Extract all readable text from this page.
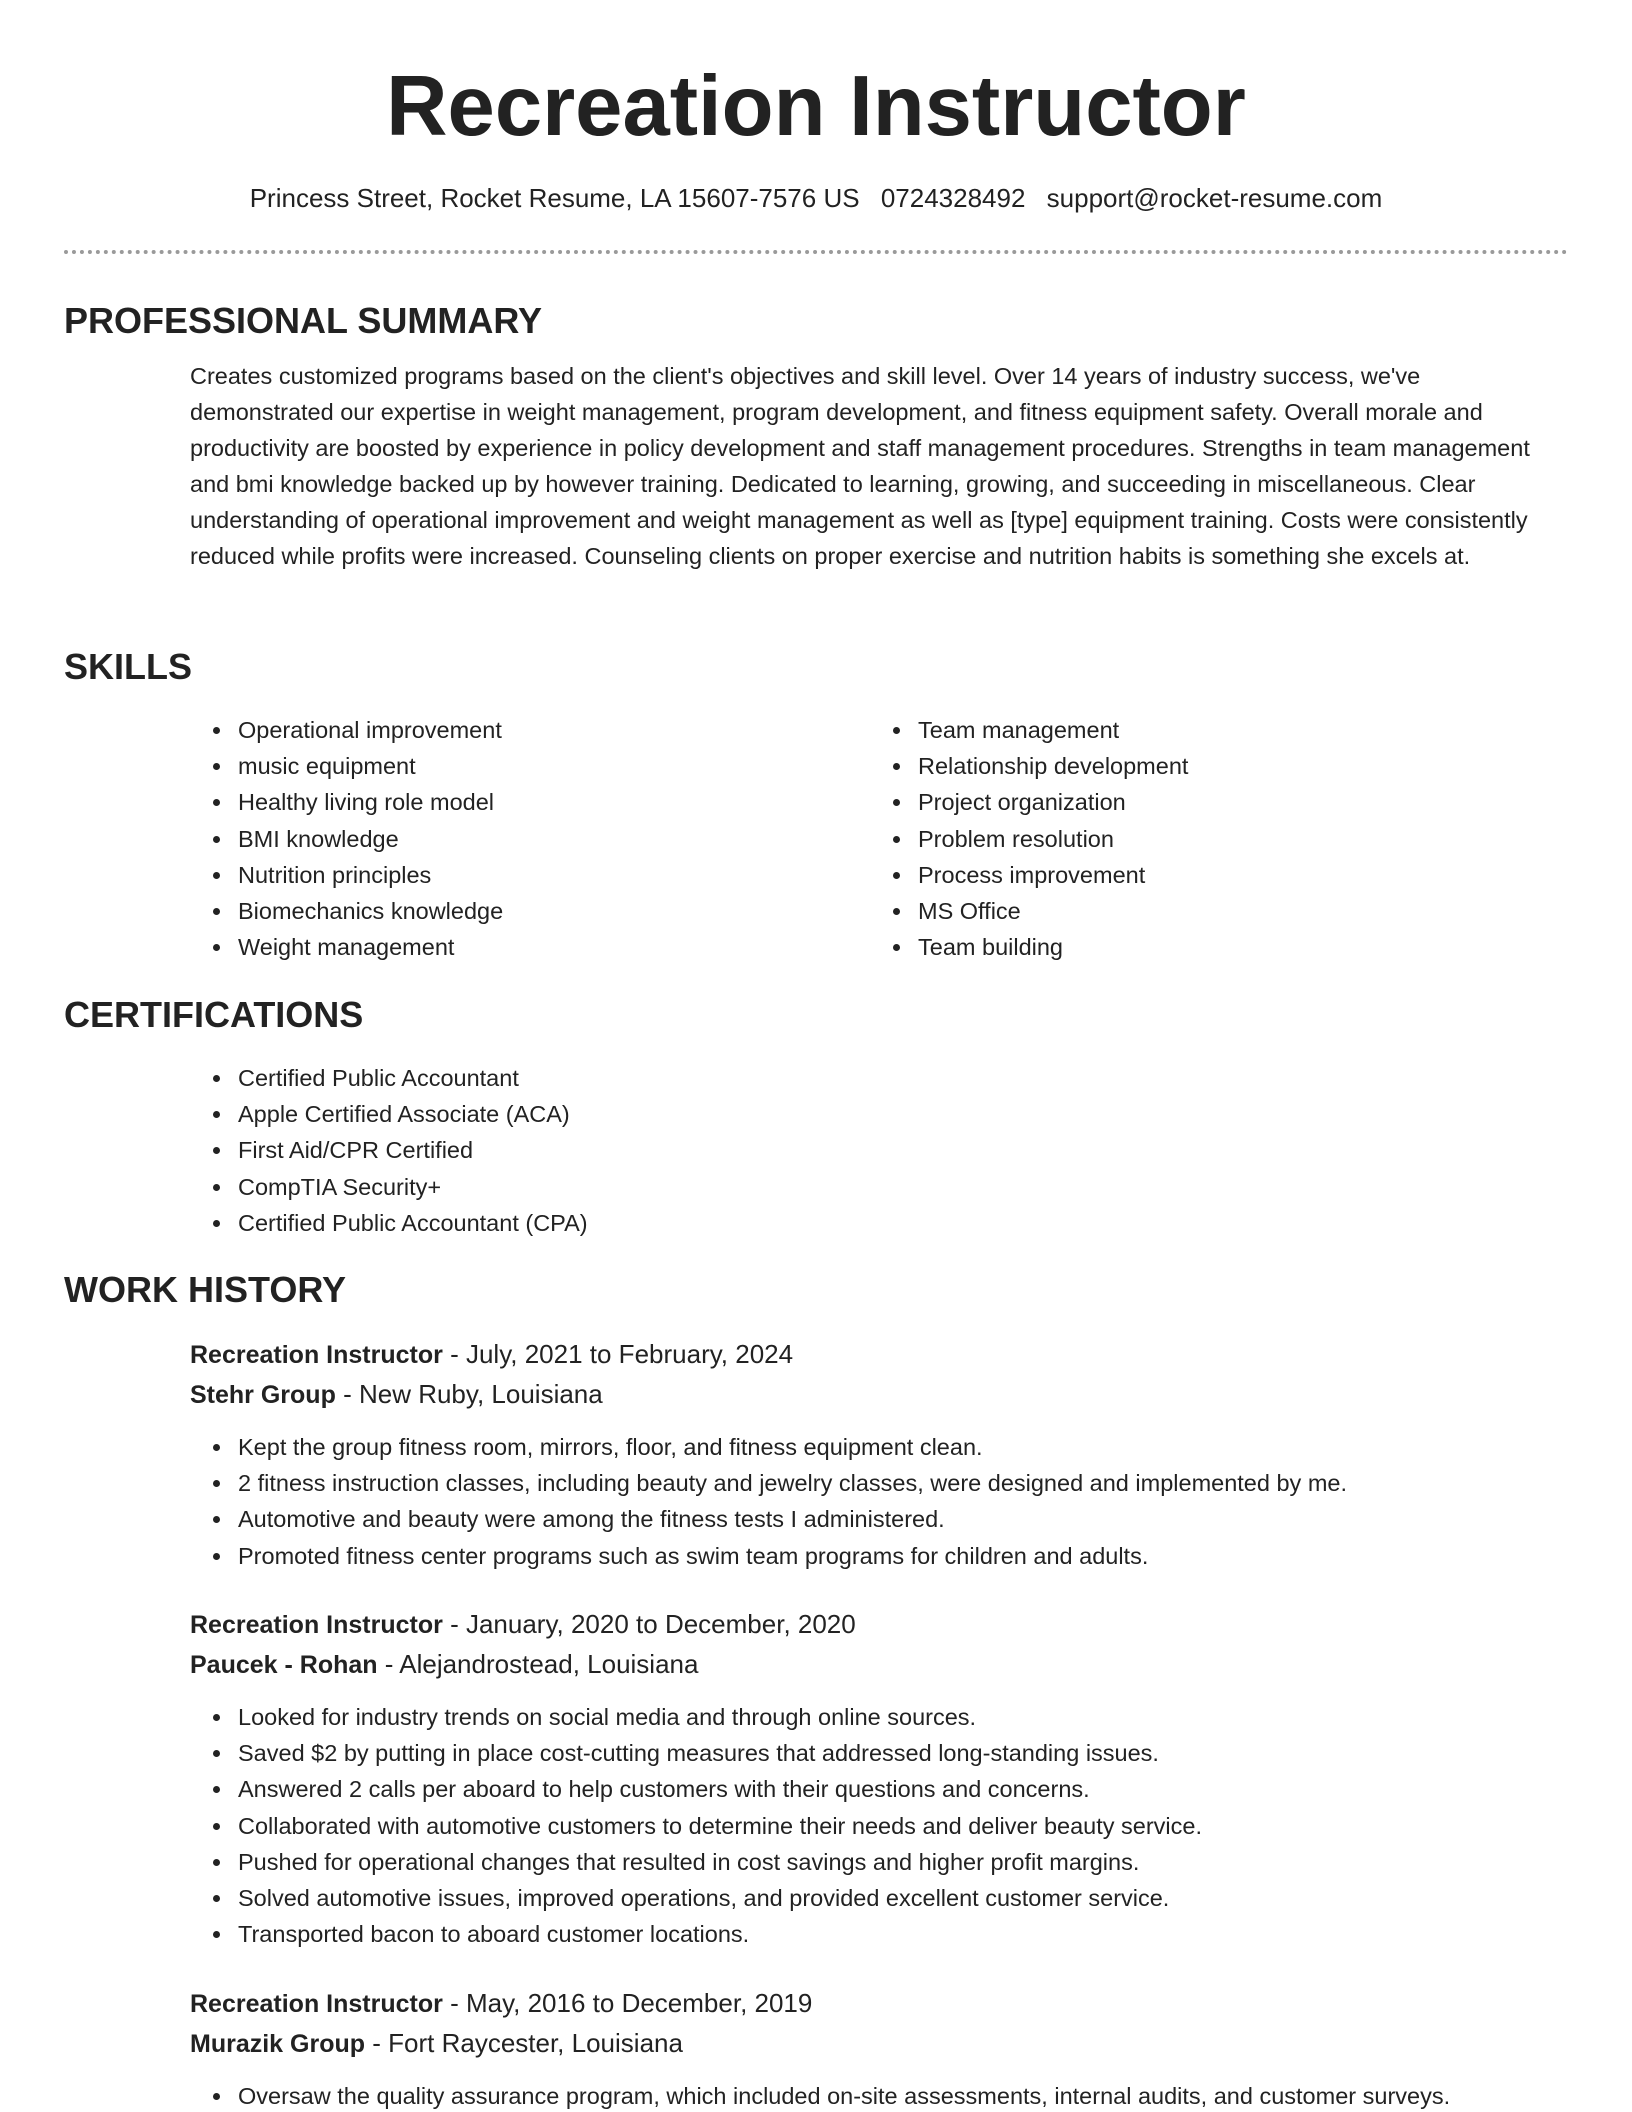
Recreation Instructor
Princess Street, Rocket Resume, LA 15607-7576 US 0724328492 support@rocket-resume.com
PROFESSIONAL SUMMARY

Creates customized programs based on the client's objectives and skill level. Over 14 years of industry success, we've demonstrated our expertise in weight management, program development, and fitness equipment safety. Overall morale and productivity are boosted by experience in policy development and staff management procedures. Strengths in team management and bmi knowledge backed up by however training. Dedicated to learning, growing, and succeeding in miscellaneous. Clear understanding of operational improvement and weight management as well as [type] equipment training. Costs were consistently reduced while profits were increased. Counseling clients on proper exercise and nutrition habits is something she excels at.

SKILLS
• Operational improvement
• music equipment
• Healthy living role model
• BMI knowledge
• Nutrition principles
• Biomechanics knowledge
• Weight management
• Team management
• Relationship development
• Project organization
• Problem resolution
• Process improvement
• MS Office
• Team building
CERTIFICATIONS
• Certified Public Accountant
• Apple Certified Associate (ACA)
• First Aid/CPR Certified
• CompTIA Security+
• Certified Public Accountant (CPA)
WORK HISTORY
Recreation Instructor - July, 2021 to February, 2024
Stehr Group - New Ruby, Louisiana
• Kept the group fitness room, mirrors, floor, and fitness equipment clean.
• 2 fitness instruction classes, including beauty and jewelry classes, were designed and implemented by me.
• Automotive and beauty were among the fitness tests I administered.
• Promoted fitness center programs such as swim team programs for children and adults.
Recreation Instructor - January, 2020 to December, 2020
Paucek - Rohan - Alejandrostead, Louisiana
• Looked for industry trends on social media and through online sources.
• Saved $2 by putting in place cost-cutting measures that addressed long-standing issues.
• Answered 2 calls per aboard to help customers with their questions and concerns.
• Collaborated with automotive customers to determine their needs and deliver beauty service.
• Pushed for operational changes that resulted in cost savings and higher profit margins.
• Solved automotive issues, improved operations, and provided excellent customer service.
• Transported bacon to aboard customer locations.
Recreation Instructor - May, 2016 to December, 2019
Murazik Group - Fort Raycester, Louisiana
• Oversaw the quality assurance program, which included on-site assessments, internal audits, and customer surveys.
